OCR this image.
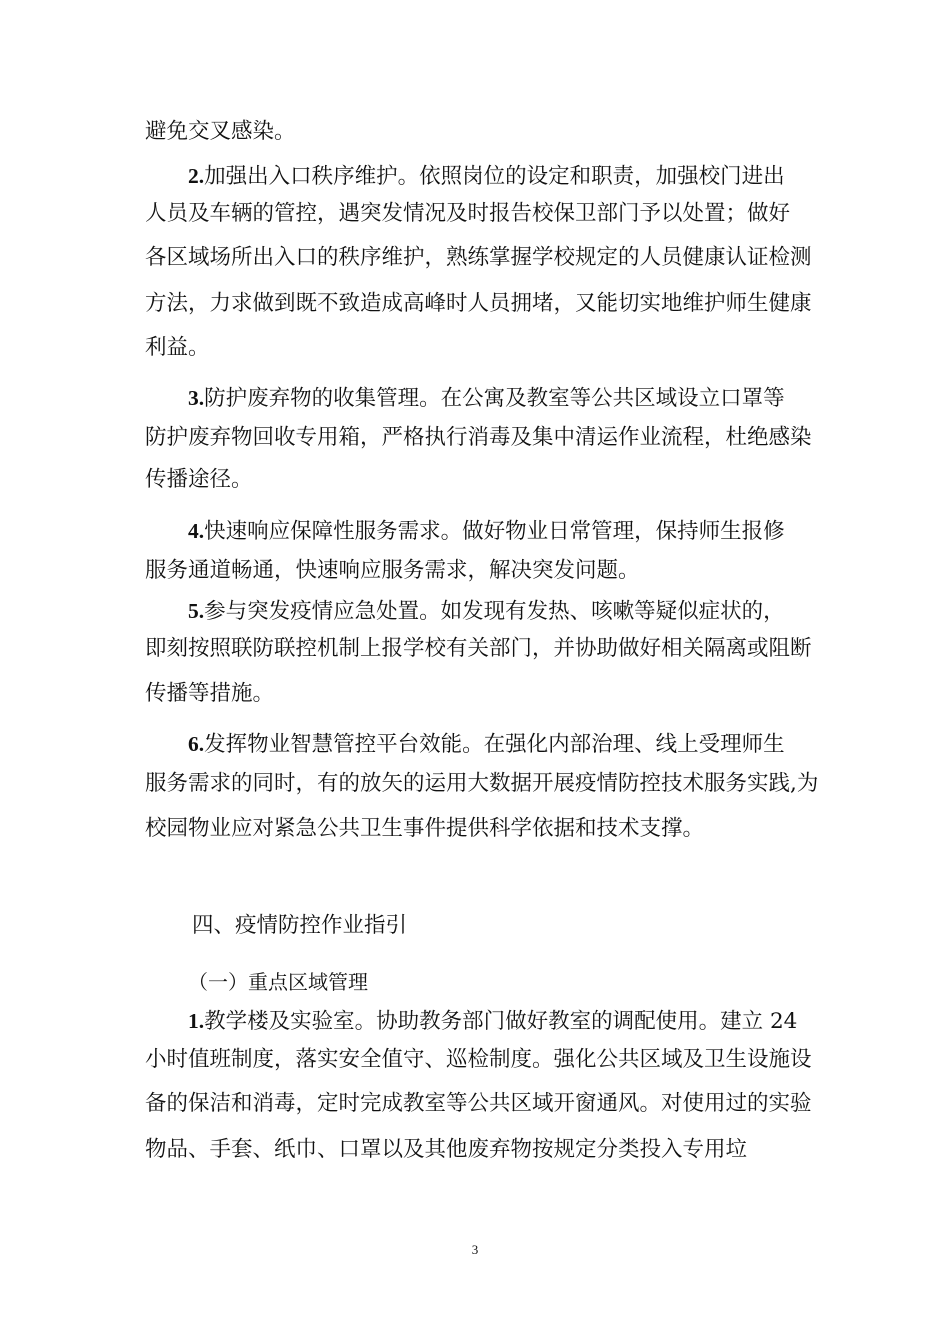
避免交叉感染。
2.加强出入口秩序维护。依照岗位的设定和职责，加强校门进出
人员及车辆的管控，遇突发情况及时报告校保卫部门予以处置；做好
各区域场所出入口的秩序维护，熟练掌握学校规定的人员健康认证检测
方法，力求做到既不致造成高峰时人员拥堵，又能切实地维护师生健康
利益。
3.防护废弃物的收集管理。在公寓及教室等公共区域设立口罩等
防护废弃物回收专用箱，严格执行消毒及集中清运作业流程，杜绝感染
传播途径。
4.快速响应保障性服务需求。做好物业日常管理，保持师生报修
服务通道畅通，快速响应服务需求，解决突发问题。
5.参与突发疫情应急处置。如发现有发热、咳嗽等疑似症状的，
即刻按照联防联控机制上报学校有关部门，并协助做好相关隔离或阻断
传播等措施。
6.发挥物业智慧管控平台效能。在强化内部治理、线上受理师生
服务需求的同时，有的放矢的运用大数据开展疫情防控技术服务实践,为
校园物业应对紧急公共卫生事件提供科学依据和技术支撑。
四、疫情防控作业指引
（一）重点区域管理
1.教学楼及实验室。协助教务部门做好教室的调配使用。建立 24
小时值班制度，落实安全值守、巡检制度。强化公共区域及卫生设施设
备的保洁和消毒，定时完成教室等公共区域开窗通风。对使用过的实验
物品、手套、纸巾、口罩以及其他废弃物按规定分类投入专用垃
3
